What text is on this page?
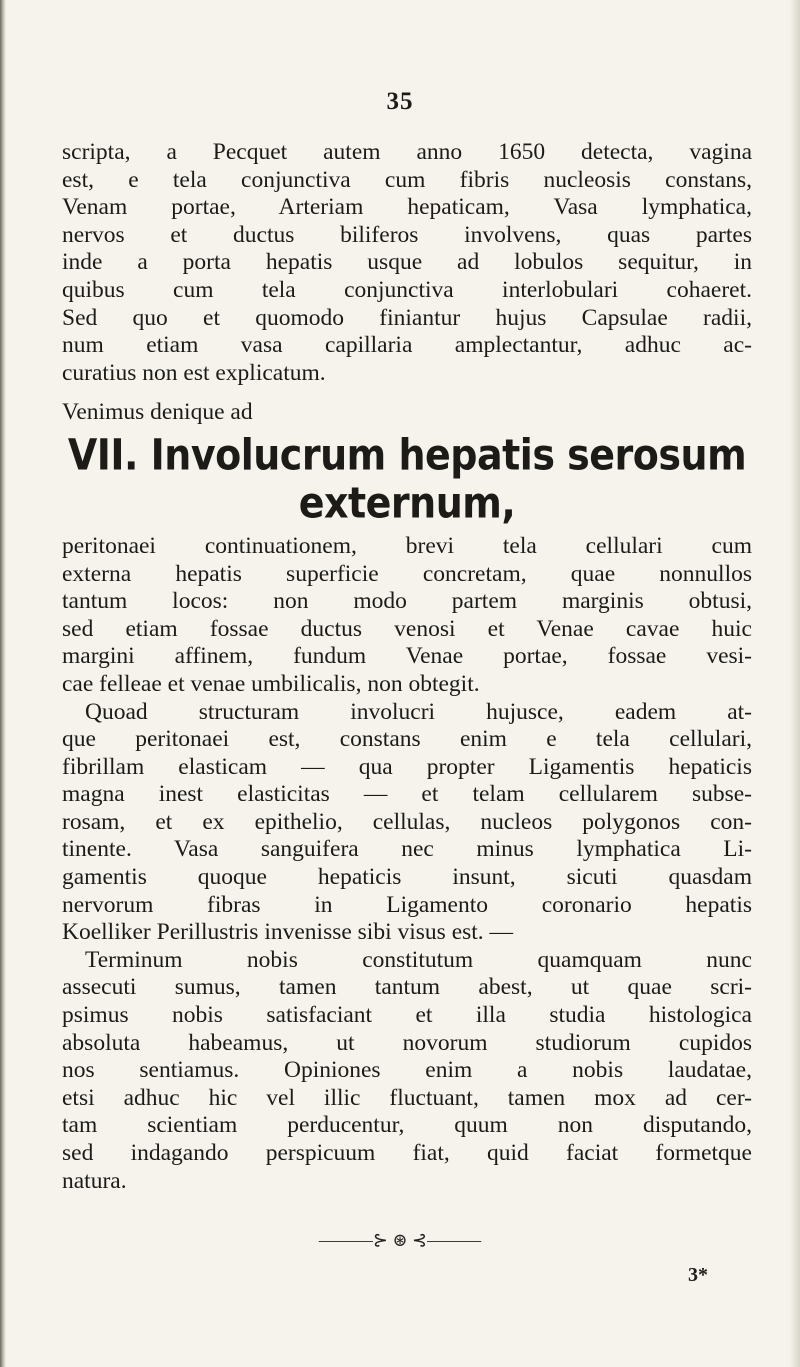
35
scripta, a Pecquet autem anno 1650 detecta, vagina
est, e tela conjunctiva cum fibris nucleosis constans,
Venam portae, Arteriam hepaticam, Vasa lymphatica,
nervos et ductus biliferos involvens, quas partes
inde a porta hepatis usque ad lobulos sequitur, in
quibus cum tela conjunctiva interlobulari cohaeret.
Sed quo et quomodo finiantur hujus Capsulae radii,
num etiam vasa capillaria amplectantur, adhuc ac-
curatius non est explicatum.
Venimus denique ad
VII. Involucrum hepatis serosum
externum,
peritonaei continuationem, brevi tela cellulari cum
externa hepatis superficie concretam, quae nonnullos
tantum locos: non modo partem marginis obtusi,
sed etiam fossae ductus venosi et Venae cavae huic
margini affinem, fundum Venae portae, fossae vesi-
cae felleae et venae umbilicalis, non obtegit.
Quoad structuram involucri hujusce, eadem at-
que peritonaei est, constans enim e tela cellulari,
fibrillam elasticam — qua propter Ligamentis hepaticis
magna inest elasticitas — et telam cellularem subse-
rosam, et ex epithelio, cellulas, nucleos polygonos con-
tinente. Vasa sanguifera nec minus lymphatica Li-
gamentis quoque hepaticis insunt, sicuti quasdam
nervorum fibras in Ligamento coronario hepatis
Koelliker Perillustris invenisse sibi visus est. —
Terminum nobis constitutum quamquam nunc
assecuti sumus, tamen tantum abest, ut quae scri-
psimus nobis satisfaciant et illa studia histologica
absoluta habeamus, ut novorum studiorum cupidos
nos sentiamus. Opiniones enim a nobis laudatae,
etsi adhuc hic vel illic fluctuant, tamen mox ad cer-
tam scientiam perducentur, quum non disputando,
sed indagando perspicuum fiat, quid faciat formetque
natura.
———⊱ ⊛ ⊰———
3*
